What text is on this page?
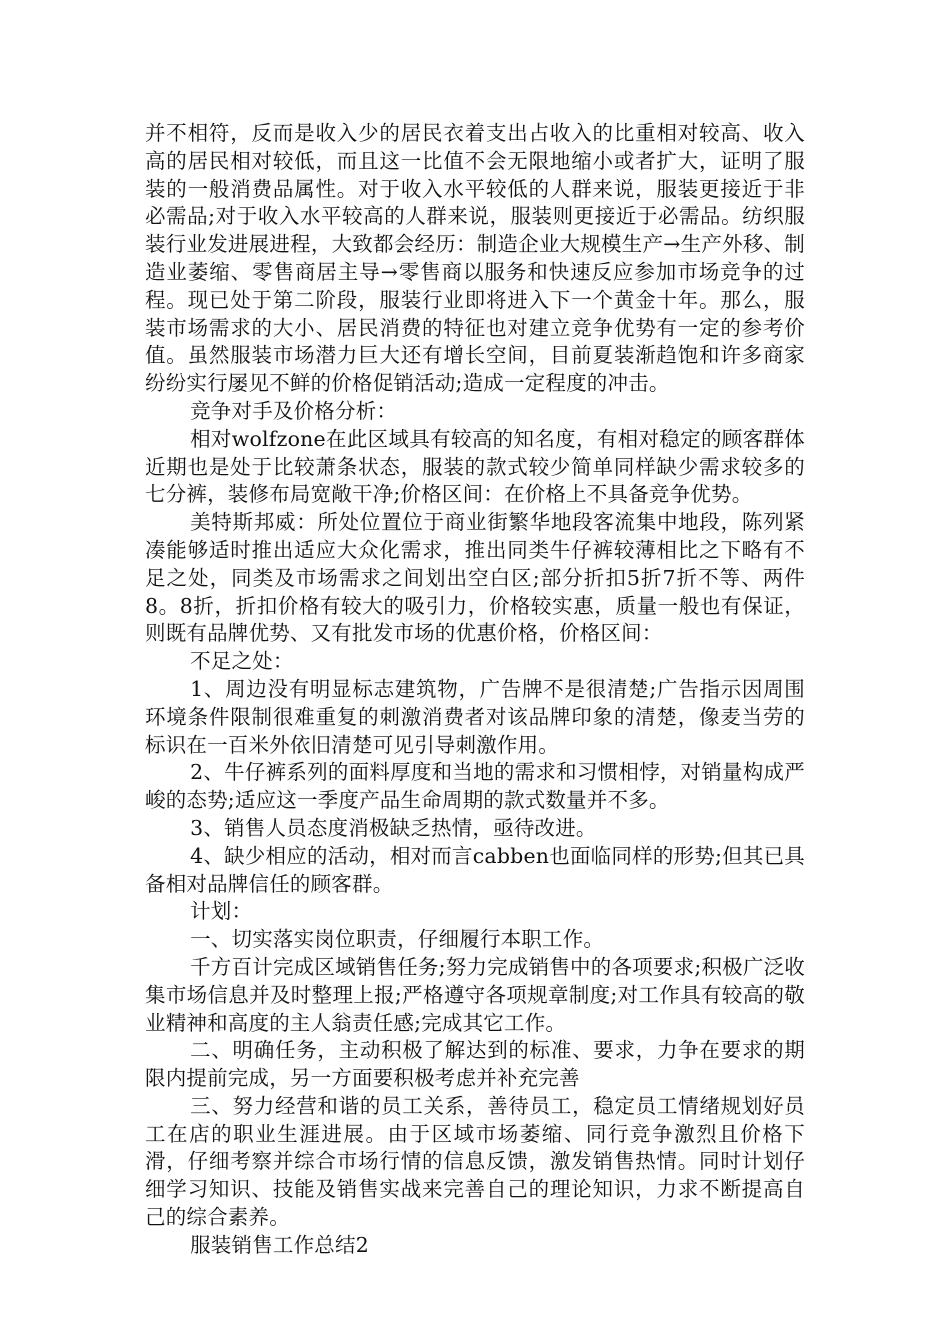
并不相符，反而是收入少的居民衣着支出占收入的比重相对较高、收入高的居民相对较低，而且这一比值不会无限地缩小或者扩大，证明了服装的一般消费品属性。对于收入水平较低的人群来说，服装更接近于非必需品;对于收入水平较高的人群来说，服装则更接近于必需品。纺织服装行业发进展进程，大致都会经历：制造企业大规模生产→生产外移、制造业萎缩、零售商居主导→零售商以服务和快速反应参加市场竞争的过程。现已处于第二阶段，服装行业即将进入下一个黄金十年。那么，服装市场需求的大小、居民消费的特征也对建立竞争优势有一定的参考价值。虽然服装市场潜力巨大还有增长空间，目前夏装渐趋饱和许多商家纷纷实行屡见不鲜的价格促销活动;造成一定程度的冲击。

竞争对手及价格分析：

相对wolfzone在此区域具有较高的知名度，有相对稳定的顾客群体近期也是处于比较萧条状态，服装的款式较少简单同样缺少需求较多的七分裤，装修布局宽敞干净;价格区间：在价格上不具备竞争优势。

美特斯邦威：所处位置位于商业街繁华地段客流集中地段，陈列紧凑能够适时推出适应大众化需求，推出同类牛仔裤较薄相比之下略有不足之处，同类及市场需求之间划出空白区;部分折扣5折7折不等、两件8。8折，折扣价格有较大的吸引力，价格较实惠，质量一般也有保证，则既有品牌优势、又有批发市场的优惠价格，价格区间：

不足之处：

1、周边没有明显标志建筑物，广告牌不是很清楚;广告指示因周围环境条件限制很难重复的刺激消费者对该品牌印象的清楚，像麦当劳的标识在一百米外依旧清楚可见引导刺激作用。

2、牛仔裤系列的面料厚度和当地的需求和习惯相悖，对销量构成严峻的态势;适应这一季度产品生命周期的款式数量并不多。

3、销售人员态度消极缺乏热情，亟待改进。

4、缺少相应的活动，相对而言cabben也面临同样的形势;但其已具备相对品牌信任的顾客群。

计划：

一、切实落实岗位职责，仔细履行本职工作。

千方百计完成区域销售任务;努力完成销售中的各项要求;积极广泛收集市场信息并及时整理上报;严格遵守各项规章制度;对工作具有较高的敬业精神和高度的主人翁责任感;完成其它工作。

二、明确任务，主动积极了解达到的标准、要求，力争在要求的期限内提前完成，另一方面要积极考虑并补充完善

三、努力经营和谐的员工关系，善待员工，稳定员工情绪规划好员工在店的职业生涯进展。由于区域市场萎缩、同行竞争激烈且价格下滑，仔细考察并综合市场行情的信息反馈，激发销售热情。同时计划仔细学习知识、技能及销售实战来完善自己的理论知识，力求不断提高自己的综合素养。

服装销售工作总结2
